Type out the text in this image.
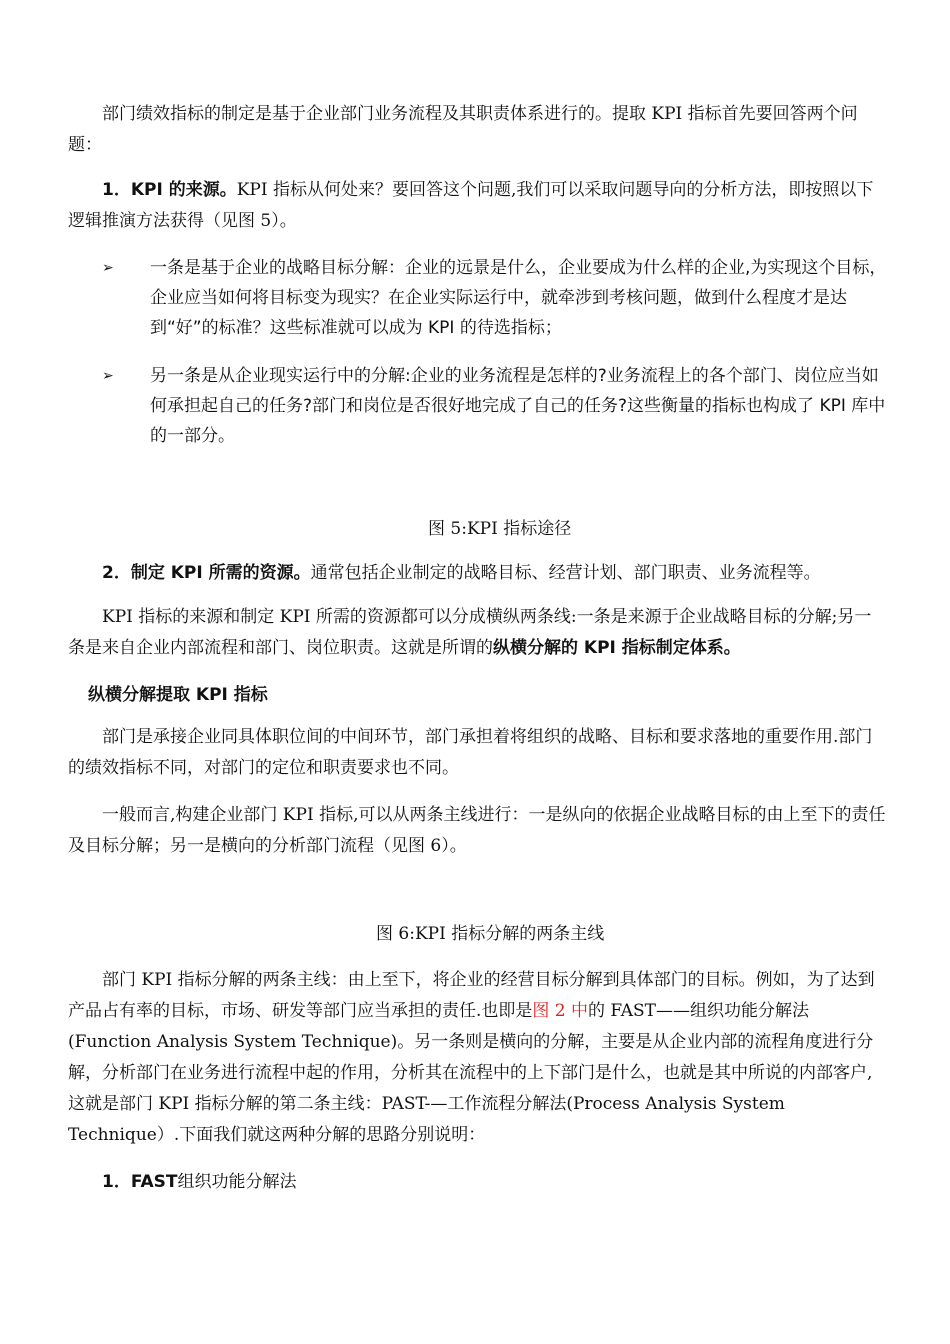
部门绩效指标的制定是基于企业部门业务流程及其职责体系进行的。提取 KPI 指标首先要回答两个问题：

1．KPI 的来源。KPI 指标从何处来？要回答这个问题,我们可以采取问题导向的分析方法，即按照以下逻辑推演方法获得（见图 5）。

➢	一条是基于企业的战略目标分解：企业的远景是什么，企业要成为什么样的企业,为实现这个目标，企业应当如何将目标变为现实？在企业实际运行中，就牵涉到考核问题，做到什么程度才是达到“好”的标准？这些标准就可以成为 KPI 的待选指标；
➢	另一条是从企业现实运行中的分解:企业的业务流程是怎样的?业务流程上的各个部门、岗位应当如何承担起自己的任务?部门和岗位是否很好地完成了自己的任务?这些衡量的指标也构成了 KPI 库中的一部分。
图 5:KPI 指标途径

2．制定 KPI 所需的资源。通常包括企业制定的战略目标、经营计划、部门职责、业务流程等。

KPI 指标的来源和制定 KPI 所需的资源都可以分成横纵两条线:一条是来源于企业战略目标的分解;另一条是来自企业内部流程和部门、岗位职责。这就是所谓的纵横分解的 KPI 指标制定体系。

纵横分解提取 KPI 指标

部门是承接企业同具体职位间的中间环节，部门承担着将组织的战略、目标和要求落地的重要作用.部门的绩效指标不同，对部门的定位和职责要求也不同。

一般而言,构建企业部门 KPI 指标,可以从两条主线进行：一是纵向的依据企业战略目标的由上至下的责任及目标分解；另一是横向的分析部门流程（见图 6）。

图 6:KPI 指标分解的两条主线

部门 KPI 指标分解的两条主线：由上至下，将企业的经营目标分解到具体部门的目标。例如，为了达到产品占有率的目标，市场、研发等部门应当承担的责任.也即是图 2 中的 FAST——组织功能分解法(Function Analysis System Technique)。另一条则是横向的分解，主要是从企业内部的流程角度进行分解，分析部门在业务进行流程中起的作用，分析其在流程中的上下部门是什么，也就是其中所说的内部客户,这就是部门 KPI 指标分解的第二条主线：PAST-—工作流程分解法(Process Analysis System Technique）.下面我们就这两种分解的思路分别说明：

1．FAST组织功能分解法
